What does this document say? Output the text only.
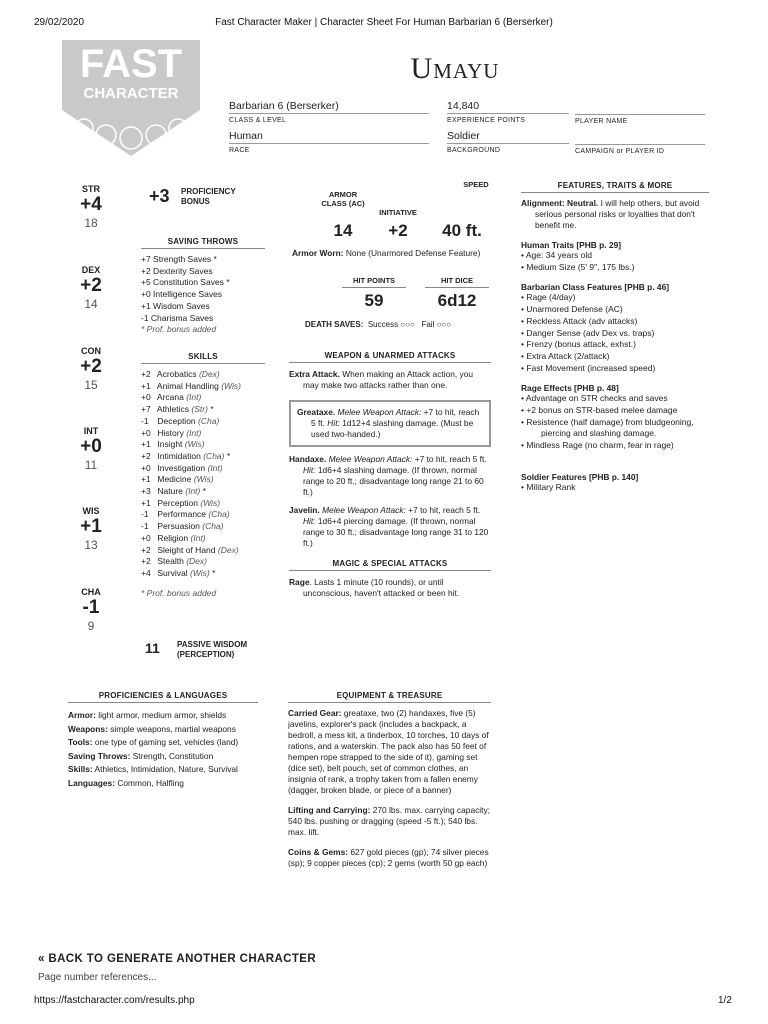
29/02/2020	Fast Character Maker | Character Sheet For Human Barbarian 6 (Berserker)
FAST
CHARACTER
Umayu
Barbarian 6 (Berserker)
CLASS & LEVEL
14,840
EXPERIENCE POINTS	PLAYER NAME
Human
RACE
Soldier
BACKGROUND	CAMPAIGN or PLAYER ID
STR
+4
18
DEX
+2
14
CON
+2
15
INT
+0
11
WIS
+1
13
CHA
-1
9
+3 PROFICIENCY
BONUS
SAVING THROWS
+7 Strength Saves *
+2 Dexterity Saves
+5 Constitution Saves *
+0 Intelligence Saves
+1 Wisdom Saves
-1 Charisma Saves
* Prof. bonus added
SKILLS
+2 Acrobatics (Dex)
+1 Animal Handling (Wis)
+0 Arcana (Int)
+7 Athletics (Str) *
-1 Deception (Cha)
+0 History (Int)
+1 Insight (Wis)
+2 Intimidation (Cha) *
+0 Investigation (Int)
+1 Medicine (Wis)
+3 Nature (Int) *
+1 Perception (Wis)
-1 Performance (Cha)
-1 Persuasion (Cha)
+0 Religion (Int)
+2 Sleight of Hand (Dex)
+2 Stealth (Dex)
+4 Survival (Wis) *
* Prof. bonus added
11 PASSIVE WISDOM
(PERCEPTION)
ARMOR CLASS (AC)
14
INITIATIVE
+2
SPEED
40 ft.
Armor Worn: None (Unarmored Defense Feature)
HIT POINTS
59
HIT DICE
6d12
DEATH SAVES: Success ○○○ Fail ○○○
WEAPON & UNARMED ATTACKS
Extra Attack. When making an Attack action, you may make two attacks rather than one.
Greataxe. Melee Weapon Attack: +7 to hit, reach 5 ft. Hit: 1d12+4 slashing damage. (Must be used two-handed.)
Handaxe. Melee Weapon Attack: +7 to hit, reach 5 ft. Hit: 1d6+4 slashing damage. (If thrown, normal range to 20 ft.; disadvantage long range 21 to 60 ft.)
Javelin. Melee Weapon Attack: +7 to hit, reach 5 ft. Hit: 1d6+4 piercing damage. (If thrown, normal range to 30 ft.; disadvantage long range 31 to 120 ft.)
MAGIC & SPECIAL ATTACKS
Rage. Lasts 1 minute (10 rounds), or until unconscious, haven't attacked or been hit.
FEATURES, TRAITS & MORE
Alignment: Neutral. I will help others, but avoid serious personal risks or loyalties that don't benefit me.
Human Traits [PHB p. 29]
• Age: 34 years old
• Medium Size (5' 9", 175 lbs.)
Barbarian Class Features [PHB p. 46]
• Rage (4/day)
• Unarmored Defense (AC)
• Reckless Attack (adv attacks)
• Danger Sense (adv Dex vs. traps)
• Frenzy (bonus attack, exhst.)
• Extra Attack (2/attack)
• Fast Movement (increased speed)
Rage Effects [PHB p. 48]
• Advantage on STR checks and saves
• +2 bonus on STR-based melee damage
• Resistence (half damage) from bludgeoning, piercing and slashing damage.
• Mindless Rage (no charm, fear in rage)
Soldier Features [PHB p. 140]
• Military Rank
PROFICIENCIES & LANGUAGES
Armor: light armor, medium armor, shields
Weapons: simple weapons, martial weapons
Tools: one type of gaming set, vehicles (land)
Saving Throws: Strength, Constitution
Skills: Athletics, Intimidation, Nature, Survival
Languages: Common, Halfling
EQUIPMENT & TREASURE
Carried Gear: greataxe, two (2) handaxes, five (5) javelins, explorer's pack (includes a backpack, a bedroll, a mess kit, a tinderbox, 10 torches, 10 days of rations, and a waterskin. The pack also has 50 feet of hempen rope strapped to the side of it), gaming set (dice set), belt pouch, set of common clothes, an insignia of rank, a trophy taken from a fallen enemy (dagger, broken blade, or piece of a banner)
Lifting and Carrying: 270 lbs. max. carrying capacity; 540 lbs. pushing or dragging (speed -5 ft.); 540 lbs. max. lift.
Coins & Gems: 627 gold pieces (gp); 74 silver pieces (sp); 9 copper pieces (cp); 2 gems (worth 50 gp each)
« BACK TO GENERATE ANOTHER CHARACTER
Page number references...
https://fastcharacter.com/results.php	1/2
